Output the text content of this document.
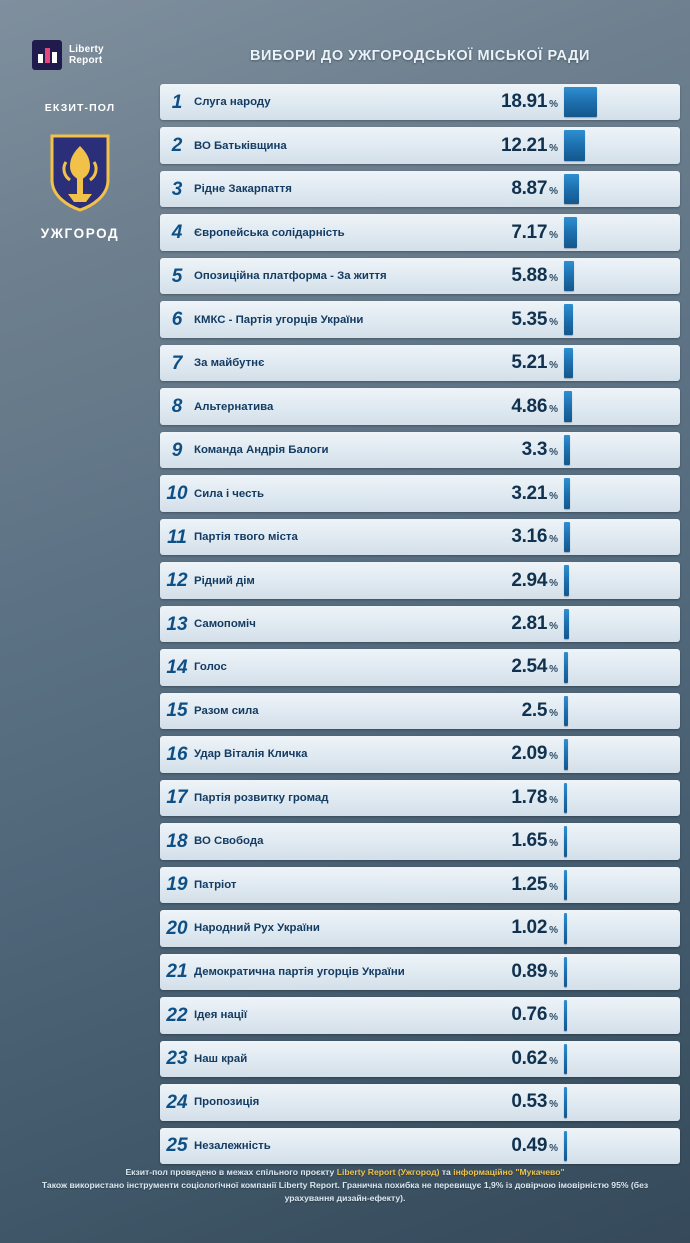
Liberty
Report	ВИБОРИ ДО УЖГОРОДСЬКОЇ МІСЬКОЇ РАДИ
ЕКЗИТ-ПОЛ
УЖГОРОД
1	Слуга народу	18.91 %
2	ВО Батьківщина	12.21 %
3	Рідне Закарпаття	8.87 %
4	Європейська солідарність	7.17 %
5	Опозиційна платформа - За життя	5.88 %
6	КМКС - Партія угорців України	5.35 %
7	За майбутнє	5.21 %
8	Альтернатива	4.86 %
9	Команда Андрія Балоги	3.3 %
10 Сила і честь	3.21 %
11 Партія твого міста	3.16 %
12 Рідний дім	2.94 %
13 Самопоміч	2.81 %
14 Голос	2.54 %
15 Разом сила	2.5 %
16 Удар Віталія Кличка	2.09 %
17 Партія розвитку громад	1.78 %
18 ВО Свобода	1.65 %
19 Патріот	1.25 %
20 Народний Рух України	1.02 %
21 Демократична партія угорців України	0.89 %
22 Ідея нації	0.76 %
23 Наш край	0.62 %
24 Пропозиція	0.53 %
25 Незалежність	0.49 %
Екзит-пол проведено в межах спільного проєкту Liberty Report (Ужгород) та інформаційно "Мукачево"
Також використано інструменти соціологічної компанії Liberty Report. Гранична похибка не перевищує 1,9% із довірчою імовірністю 95% (без урахування дизайн-ефекту).
